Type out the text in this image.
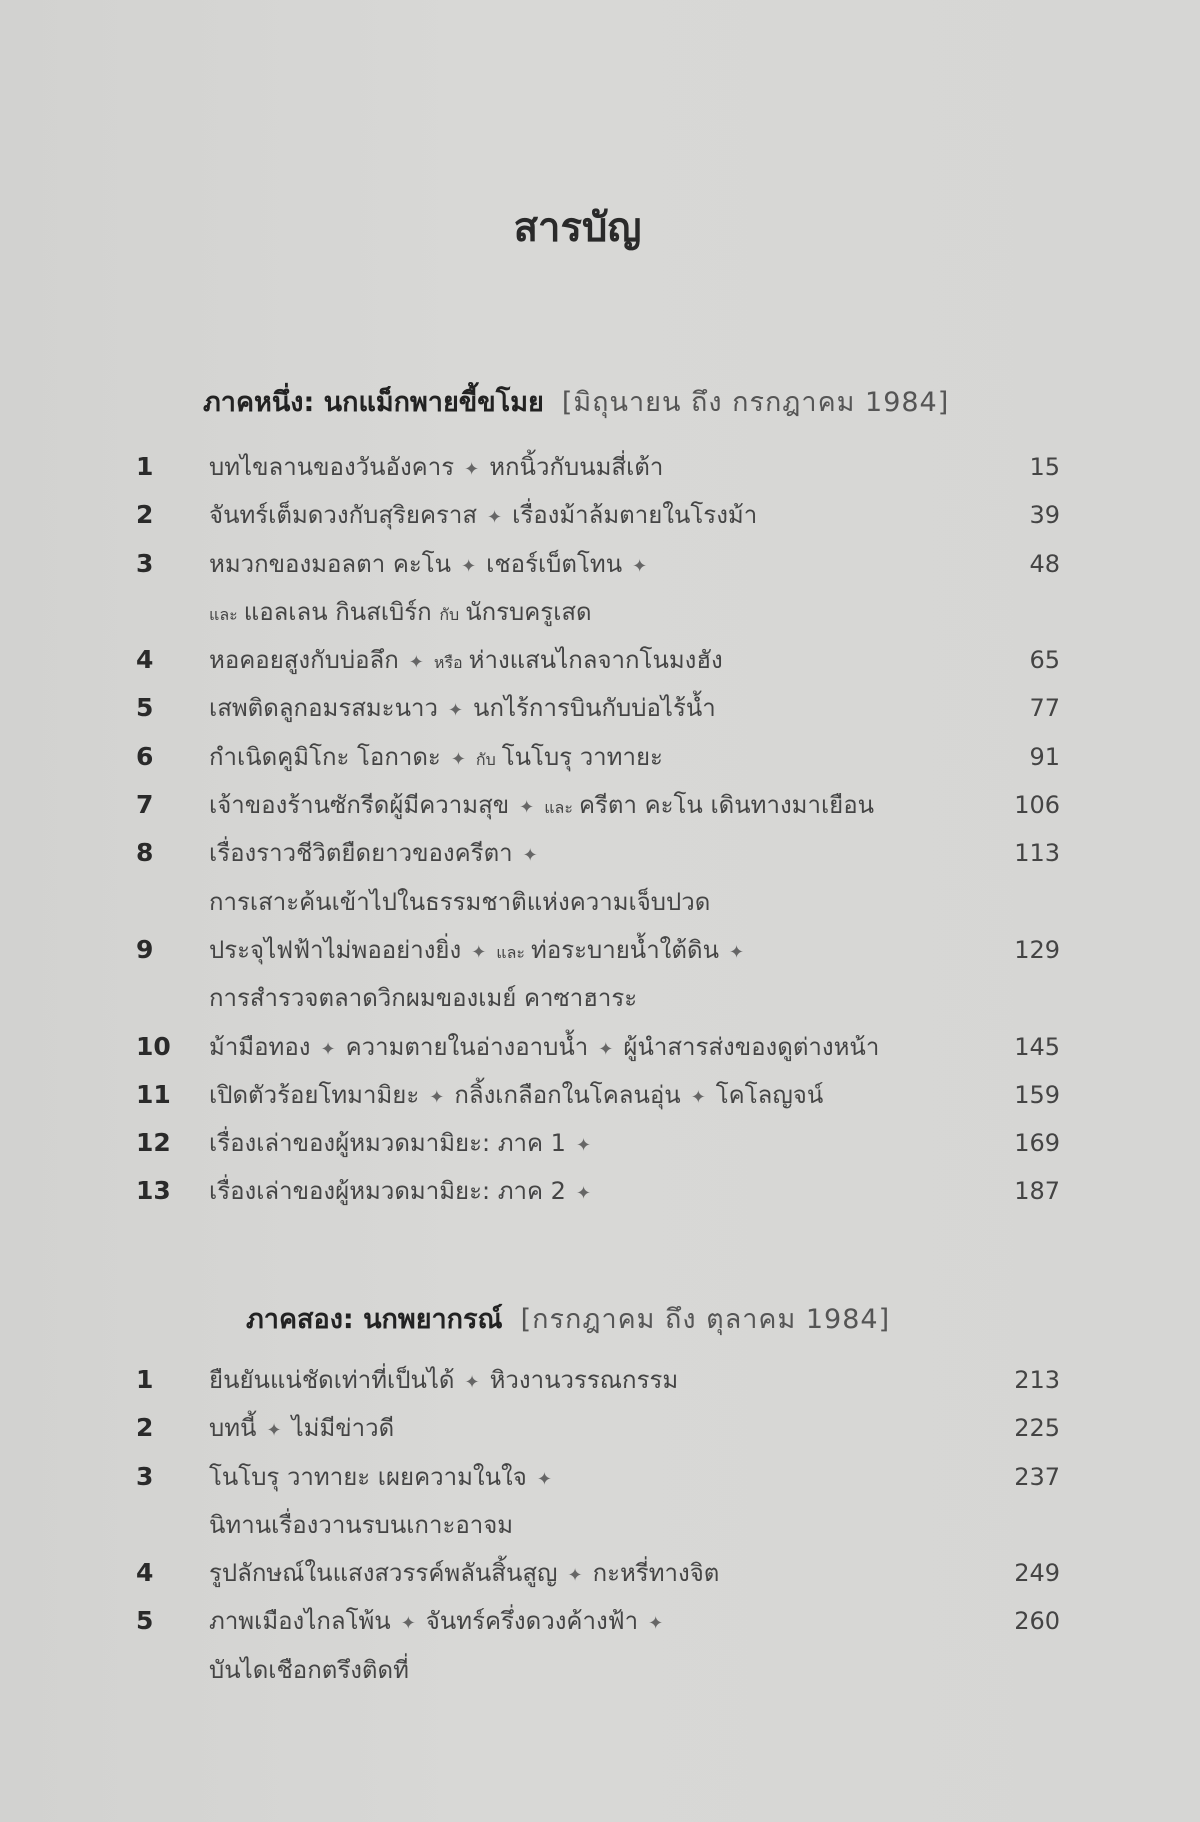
สารบัญ
ภาคหนึ่ง: นกแม็กพายขี้ขโมย [มิถุนายน ถึง กรกฎาคม 1984]
1 บทไขลานของวันอังคาร ✦ หกนิ้วกับนมสี่เต้า	15
2 จันทร์เต็มดวงกับสุริยคราส ✦ เรื่องม้าล้มตายในโรงม้า	39
3 หมวกของมอลตา คะโน ✦ เชอร์เบ็ตโทน ✦	48
และ แอลเลน กินสเบิร์ก กับ นักรบครูเสด
4 หอคอยสูงกับบ่อลึก ✦ หรือ ห่างแสนไกลจากโนมงฮัง	65
5 เสพติดลูกอมรสมะนาว ✦ นกไร้การบินกับบ่อไร้น้ำ	77
6 กำเนิดคูมิโกะ โอกาดะ ✦ กับ โนโบรุ วาทายะ	91
7 เจ้าของร้านซักรีดผู้มีความสุข ✦ และ ครีตา คะโน เดินทางมาเยือน	106
8 เรื่องราวชีวิตยืดยาวของครีตา ✦	113
การเสาะค้นเข้าไปในธรรมชาติแห่งความเจ็บปวด
9 ประจุไฟฟ้าไม่พออย่างยิ่ง ✦ และ ท่อระบายน้ำใต้ดิน ✦	129
การสำรวจตลาดวิกผมของเมย์ คาซาฮาระ
10 ม้ามือทอง ✦ ความตายในอ่างอาบน้ำ ✦ ผู้นำสารส่งของดูต่างหน้า	145
11 เปิดตัวร้อยโทมามิยะ ✦ กลิ้งเกลือกในโคลนอุ่น ✦ โคโลญจน์	159
12 เรื่องเล่าของผู้หมวดมามิยะ: ภาค 1 ✦	169
13 เรื่องเล่าของผู้หมวดมามิยะ: ภาค 2 ✦	187
ภาคสอง: นกพยากรณ์ [กรกฎาคม ถึง ตุลาคม 1984]
1 ยืนยันแน่ชัดเท่าที่เป็นได้ ✦ หิวงานวรรณกรรม	213
2 บทนี้ ✦ ไม่มีข่าวดี	225
3 โนโบรุ วาทายะ เผยความในใจ ✦	237
นิทานเรื่องวานรบนเกาะอาจม
4 รูปลักษณ์ในแสงสวรรค์พลันสิ้นสูญ ✦ กะหรี่ทางจิต	249
5 ภาพเมืองไกลโพ้น ✦ จันทร์ครึ่งดวงค้างฟ้า ✦	260
บันไดเชือกตรึงติดที่
